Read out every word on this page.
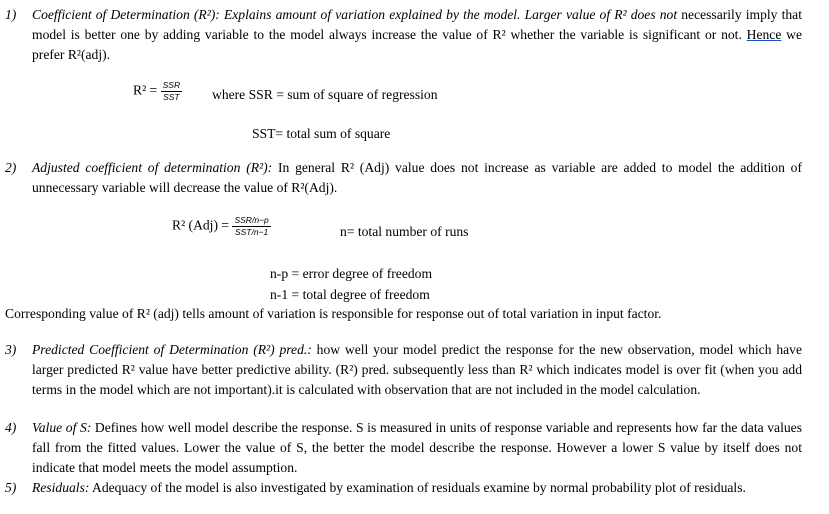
1) Coefficient of Determination (R²): Explains amount of variation explained by the model. Larger value of R² does not necessarily imply that model is better one by adding variable to the model always increase the value of R² whether the variable is significant or not. Hence we prefer R²(adj).
$R^2 = \frac{\text{SSR}}{\text{SST}}$ where SSR = sum of square of regression
SST= total sum of square
2) Adjusted coefficient of determination (R²): In general R² (Adj) value does not increase as variable are added to model the addition of unnecessary variable will decrease the value of R²(Adj).
R² $(Adj) = \frac{\text{SSR/n−p}}{\text{SST/n−1}}$	n= total number of runs
n-p = error degree of freedom
n-1 = total degree of freedom
Corresponding value of R² (adj) tells amount of variation is responsible for response out of total variation in input factor.
3) Predicted Coefficient of Determination (R²) pred.: how well your model predict the response for the new observation, model which have larger predicted R² value have better predictive ability. (R²) pred. subsequently less than R² which indicates model is over fit (when you add terms in the model which are not important).it is calculated with observation that are not included in the model calculation.
4) Value of S: Defines how well model describe the response. S is measured in units of response variable and represents how far the data values fall from the fitted values. Lower the value of S, the better the model describe the response. However a lower S value by itself does not indicate that model meets the model assumption.
5) Residuals: Adequacy of the model is also investigated by examination of residuals examine by normal probability plot of residuals.
